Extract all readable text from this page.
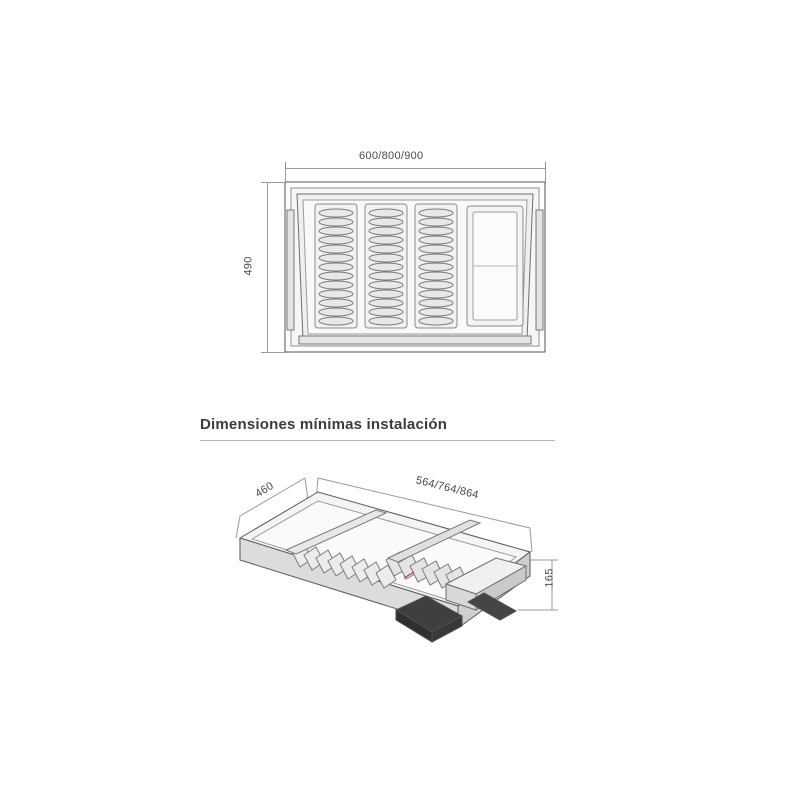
600/800/900
490
Dimensiones mínimas instalación
460	564/764/864
165
